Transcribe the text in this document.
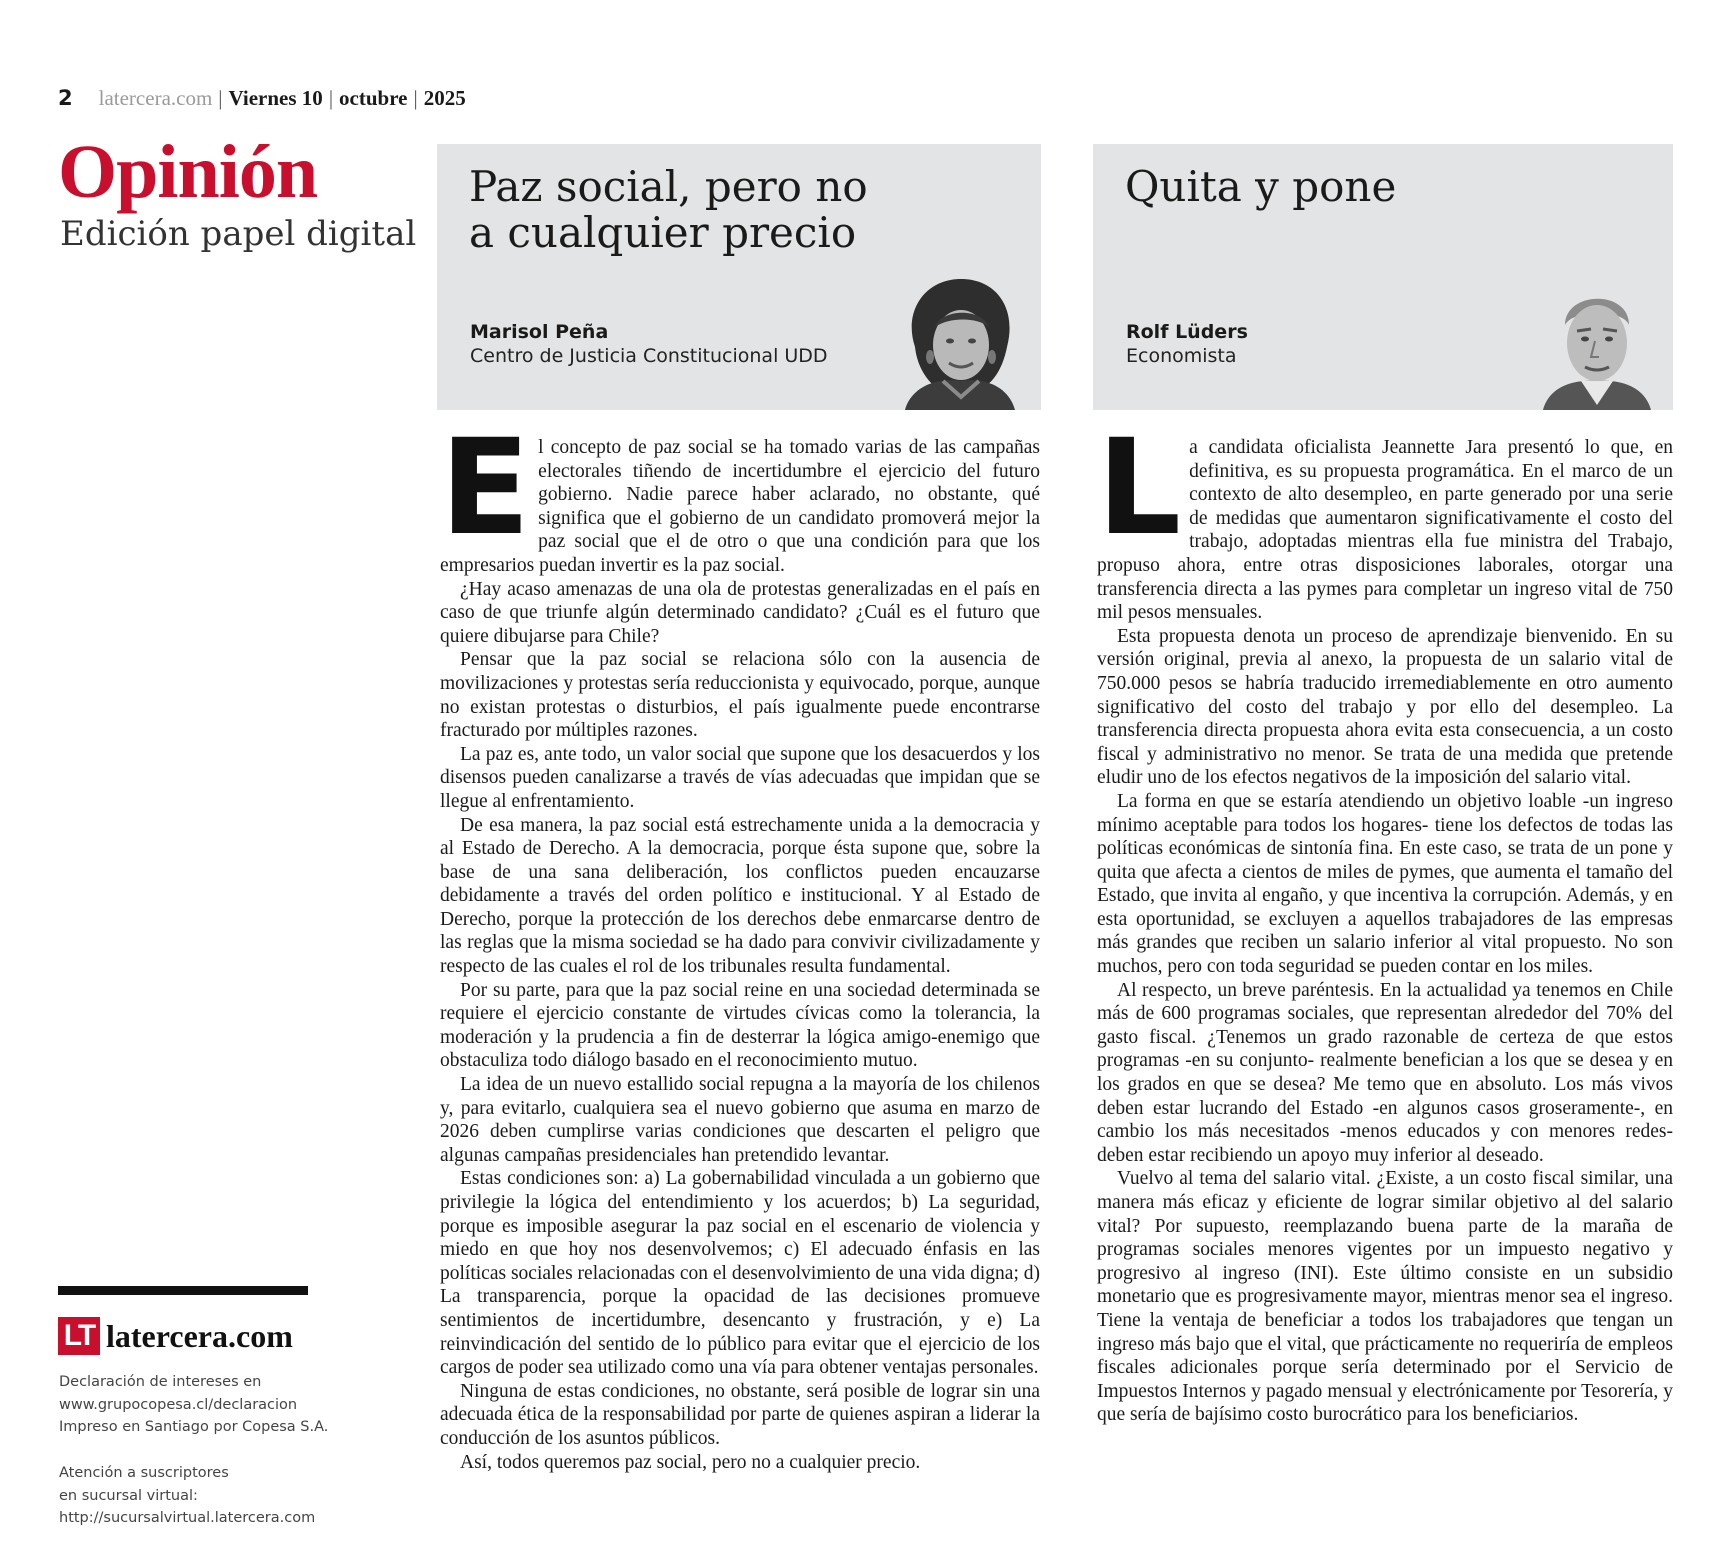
2 latercera.com | Viernes 10 | octubre | 2025
Opinión
Edición papel digital
Paz social, pero no
a cualquier precio
Marisol Peña
Centro de Justicia Constitucional UDD
Quita y pone
Rolf Lüders
Economista
E l concepto de paz social se ha tomado varias de las campañas electorales tiñendo de incertidumbre el ejercicio del futuro gobierno. Nadie parece haber aclarado, no obstante, qué significa que el gobierno de un candidato promoverá mejor la paz social que el de otro o que una condición para que los empresarios puedan invertir es la paz social.

¿Hay acaso amenazas de una ola de protestas generalizadas en el país en caso de que triunfe algún determinado candidato? ¿Cuál es el futuro que quiere dibujarse para Chile?

Pensar que la paz social se relaciona sólo con la ausencia de movilizaciones y protestas sería reduccionista y equivocado, porque, aunque no existan protestas o disturbios, el país igualmente puede encontrarse fracturado por múltiples razones.

La paz es, ante todo, un valor social que supone que los desacuerdos y los disensos pueden canalizarse a través de vías adecuadas que impidan que se llegue al enfrentamiento.

De esa manera, la paz social está estrechamente unida a la democracia y al Estado de Derecho. A la democracia, porque ésta supone que, sobre la base de una sana deliberación, los conflictos pueden encauzarse debidamente a través del orden político e institucional. Y al Estado de Derecho, porque la protección de los derechos debe enmarcarse dentro de las reglas que la misma sociedad se ha dado para convivir civilizadamente y respecto de las cuales el rol de los tribunales resulta fundamental.

Por su parte, para que la paz social reine en una sociedad determinada se requiere el ejercicio constante de virtudes cívicas como la tolerancia, la moderación y la prudencia a fin de desterrar la lógica amigo-enemigo que obstaculiza todo diálogo basado en el reconocimiento mutuo.

La idea de un nuevo estallido social repugna a la mayoría de los chilenos y, para evitarlo, cualquiera sea el nuevo gobierno que asuma en marzo de 2026 deben cumplirse varias condiciones que descarten el peligro que algunas campañas presidenciales han pretendido levantar.

Estas condiciones son: a) La gobernabilidad vinculada a un gobierno que privilegie la lógica del entendimiento y los acuerdos; b) La seguridad, porque es imposible asegurar la paz social en el escenario de violencia y miedo en que hoy nos desenvolvemos; c) El adecuado énfasis en las políticas sociales relacionadas con el desenvolvimiento de una vida digna; d) La transparencia, porque la opacidad de las decisiones promueve sentimientos de incertidumbre, desencanto y frustración, y e) La reinvindicación del sentido de lo público para evitar que el ejercicio de los cargos de poder sea utilizado como una vía para obtener ventajas personales.

Ninguna de estas condiciones, no obstante, será posible de lograr sin una adecuada ética de la responsabilidad por parte de quienes aspiran a liderar la conducción de los asuntos públicos.

Así, todos queremos paz social, pero no a cualquier precio.

L a candidata oficialista Jeannette Jara presentó lo que, en definitiva, es su propuesta programática. En el marco de un contexto de alto desempleo, en parte generado por una serie de medidas que aumentaron significativamente el costo del trabajo, adoptadas mientras ella fue ministra del Trabajo, propuso ahora, entre otras disposiciones laborales, otorgar una transferencia directa a las pymes para completar un ingreso vital de 750 mil pesos mensuales.

Esta propuesta denota un proceso de aprendizaje bienvenido. En su versión original, previa al anexo, la propuesta de un salario vital de 750.000 pesos se habría traducido irremediablemente en otro aumento significativo del costo del trabajo y por ello del desempleo. La transferencia directa propuesta ahora evita esta consecuencia, a un costo fiscal y administrativo no menor. Se trata de una medida que pretende eludir uno de los efectos negativos de la imposición del salario vital.

La forma en que se estaría atendiendo un objetivo loable -un ingreso mínimo aceptable para todos los hogares- tiene los defectos de todas las políticas económicas de sintonía fina. En este caso, se trata de un pone y quita que afecta a cientos de miles de pymes, que aumenta el tamaño del Estado, que invita al engaño, y que incentiva la corrupción. Además, y en esta oportunidad, se excluyen a aquellos trabajadores de las empresas más grandes que reciben un salario inferior al vital propuesto. No son muchos, pero con toda seguridad se pueden contar en los miles.

Al respecto, un breve paréntesis. En la actualidad ya tenemos en Chile más de 600 programas sociales, que representan alrededor del 70% del gasto fiscal. ¿Tenemos un grado razonable de certeza de que estos programas -en su conjunto- realmente benefician a los que se desea y en los grados en que se desea? Me temo que en absoluto. Los más vivos deben estar lucrando del Estado -en algunos casos groseramente-, en cambio los más necesitados -menos educados y con menores redes- deben estar recibiendo un apoyo muy inferior al deseado.

Vuelvo al tema del salario vital. ¿Existe, a un costo fiscal similar, una manera más eficaz y eficiente de lograr similar objetivo al del salario vital? Por supuesto, reemplazando buena parte de la maraña de programas sociales menores vigentes por un impuesto negativo y progresivo al ingreso (INI). Este último consiste en un subsidio monetario que es progresivamente mayor, mientras menor sea el ingreso. Tiene la ventaja de beneficiar a todos los trabajadores que tengan un ingreso más bajo que el vital, que prácticamente no requeriría de empleos fiscales adicionales porque sería determinado por el Servicio de Impuestos Internos y pagado mensual y electrónicamente por Tesorería, y que sería de bajísimo costo burocrático para los beneficiarios.

LT latercera.com
Declaración de intereses en
www.grupocopesa.cl/declaracion
Impreso en Santiago por Copesa S.A.
Atención a suscriptores
en sucursal virtual:
http://sucursalvirtual.latercera.com
